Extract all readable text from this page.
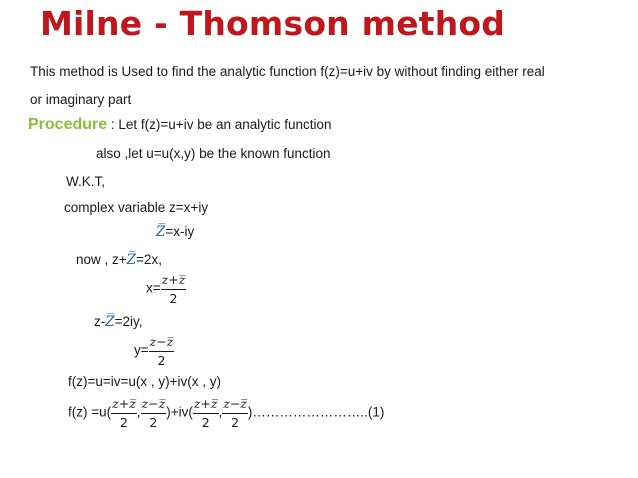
Milne - Thomson method
This method is Used to find the analytic function f(z)=u+iv by without finding either real
or imaginary part
Procedure : Let f(z)=u+iv be an analytic function
also ,let u=u(x,y) be the known function
W.K.T,
complex variable z=x+iy
Z̅=x-iy
now , z+Z̅=2x,
$x= \frac{z+z̅}{2}$
z-Z̅=2iy,
$y= \frac{z-z̅}{2}$
f(z)=u=iv=u(x , y)+iv(x , y)
$f(z) =u( \frac{z+z̅}{2}$ , $\frac{z-z̅}{2} )+iv( \frac{z+z̅}{2}$ , $\frac{z-z̅}{2}$ )……………………..(1)
